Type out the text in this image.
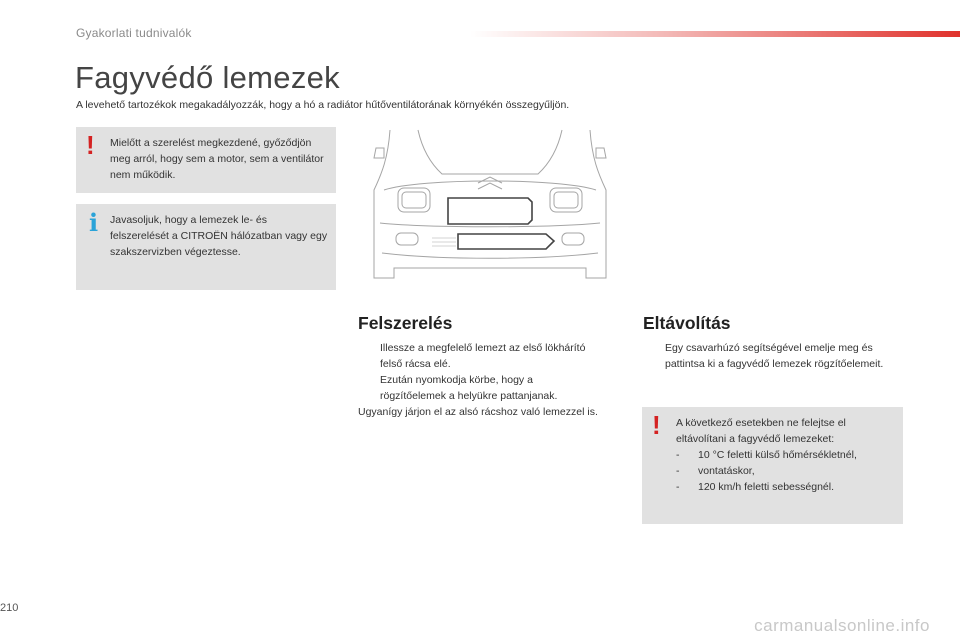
Gyakorlati tudnivalók
Fagyvédő lemezek
A levehető tartozékok megakadályozzák, hogy a hó a radiátor hűtőventilátorának környékén összegyűljön.
! Mielőtt a szerelést megkezdené, győződjön meg arról, hogy sem a motor, sem a ventilátor nem működik.
i Javasoljuk, hogy a lemezek le- és felszerelését a CITROËN hálózatban vagy egy szakszervizben végeztesse.
Felszerelés
Illessze a megfelelő lemezt az első lökhárító felső rácsa elé.
Ezután nyomkodja körbe, hogy a rögzítőelemek a helyükre pattanjanak.
Ugyanígy járjon el az alsó rácshoz való lemezzel is.
Eltávolítás
Egy csavarhúzó segítségével emelje meg és pattintsa ki a fagyvédő lemezek rögzítőelemeit.
! A következő esetekben ne felejtse el eltávolítani a fagyvédő lemezeket:
- 10 °C feletti külső hőmérsékletnél,
- vontatáskor,
- 120 km/h feletti sebességnél.
210
carmanualsonline.info
